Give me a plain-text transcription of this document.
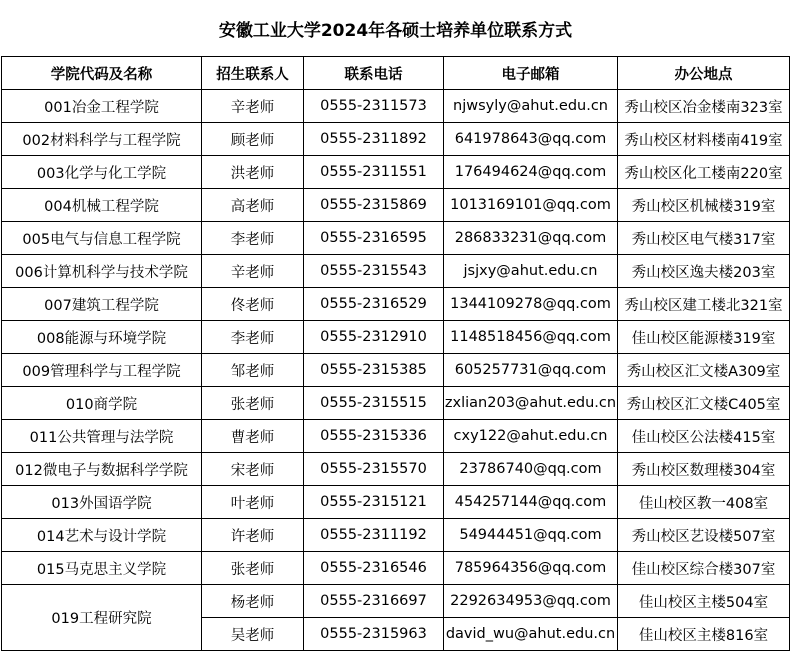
安徽工业大学2024年各硕士培养单位联系方式
学院代码及名称	招生联系人	联系电话	电子邮箱	办公地点
001冶金工程学院	辛老师	0555-2311573	njwsyly@ahut.edu.cn	秀山校区冶金楼南323室
002材料科学与工程学院	顾老师	0555-2311892	641978643@qq.com	秀山校区材料楼南419室
003化学与化工学院	洪老师	0555-2311551	176494624@qq.com	秀山校区化工楼南220室
004机械工程学院	高老师	0555-2315869	1013169101@qq.com	秀山校区机械楼319室
005电气与信息工程学院	李老师	0555-2316595	286833231@qq.com	秀山校区电气楼317室
006计算机科学与技术学院	辛老师	0555-2315543	jsjxy@ahut.edu.cn	秀山校区逸夫楼203室
007建筑工程学院	佟老师	0555-2316529	1344109278@qq.com	秀山校区建工楼北321室
008能源与环境学院	李老师	0555-2312910	1148518456@qq.com	佳山校区能源楼319室
009管理科学与工程学院	邹老师	0555-2315385	605257731@qq.com	秀山校区汇文楼A309室
010商学院	张老师	0555-2315515	zxlian203@ahut.edu.cn	秀山校区汇文楼C405室
011公共管理与法学院	曹老师	0555-2315336	cxy122@ahut.edu.cn	佳山校区公法楼415室
012微电子与数据科学学院	宋老师	0555-2315570	23786740@qq.com	秀山校区数理楼304室
013外国语学院	叶老师	0555-2315121	454257144@qq.com	佳山校区教一408室
014艺术与设计学院	许老师	0555-2311192	54944451@qq.com	秀山校区艺设楼507室
015马克思主义学院	张老师	0555-2316546	785964356@qq.com	佳山校区综合楼307室
019工程研究院	杨老师	0555-2316697	2292634953@qq.com	佳山校区主楼504室
	吴老师	0555-2315963	david_wu@ahut.edu.cn	佳山校区主楼816室
